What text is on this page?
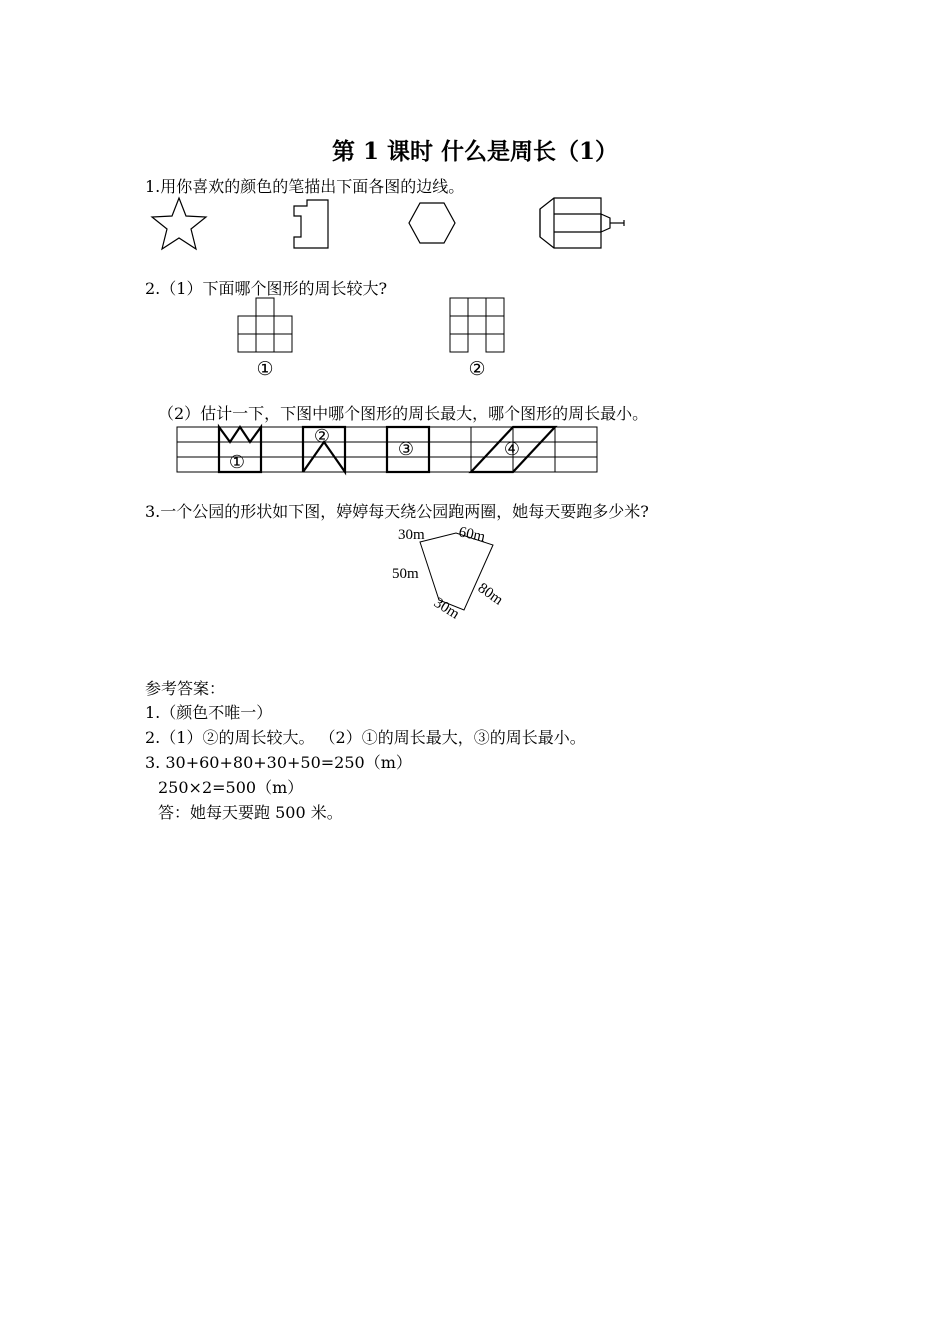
第 1 课时 什么是周长（1）
1.用你喜欢的颜色的笔描出下面各图的边线。
2.（1）下面哪个图形的周长较大?
①	②
（2）估计一下，下图中哪个图形的周长最大，哪个图形的周长最小。
①
②
③	④
3.一个公园的形状如下图，婷婷每天绕公园跑两圈，她每天要跑多少米?
30m 60m
50m
80m
30m
参考答案：
1.（颜色不唯一）
2.（1）②的周长较大。 （2）①的周长最大，③的周长最小。
3. 30+60+80+30+50=250（m）
250×2=500（m）
答：她每天要跑 500 米。
